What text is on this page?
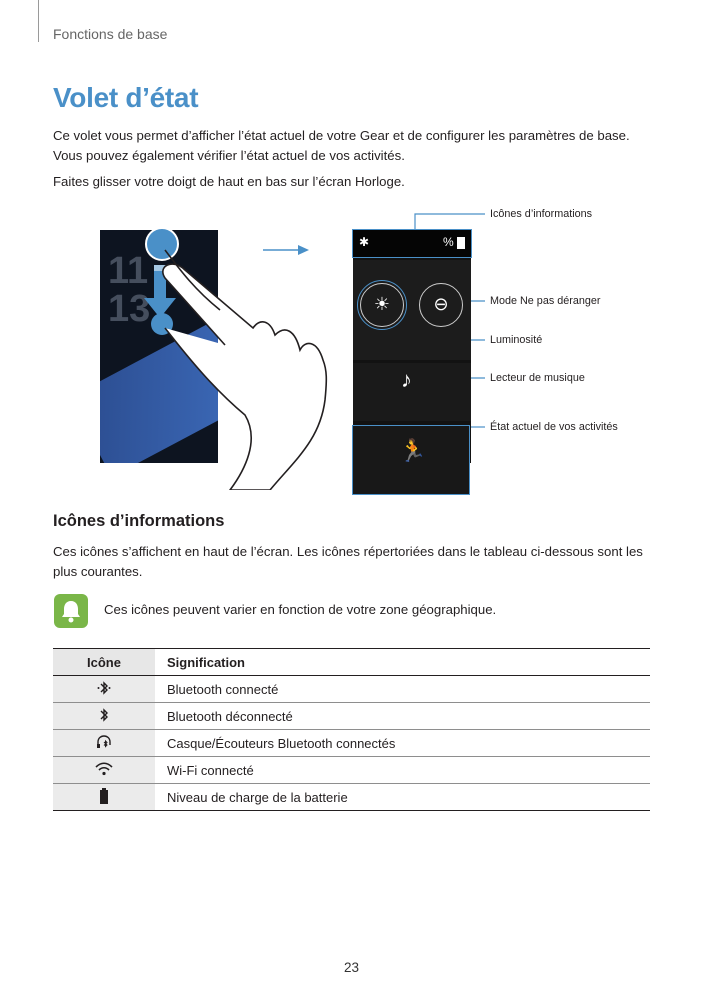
Fonctions de base
Volet d’état

Ce volet vous permet d’afficher l’état actuel de votre Gear et de configurer les paramètres de base. Vous pouvez également vérifier l’état actuel de vos activités.

Faites glisser votre doigt de haut en bas sur l’écran Horloge.

11
13
✱	%
☀	⊖
♪
🏃
Icônes d’informations
Mode Ne pas déranger
Luminosité
Lecteur de musique
État actuel de vos activités
Icônes d’informations

Ces icônes s’affichent en haut de l’écran. Les icônes répertoriées dans le tableau ci-dessous sont les plus courantes.

Ces icônes peuvent varier en fonction de votre zone géographique.
Icône	Signification
	Bluetooth connecté
	Bluetooth déconnecté
	Casque/Écouteurs Bluetooth connectés
	Wi-Fi connecté
	Niveau de charge de la batterie
23
